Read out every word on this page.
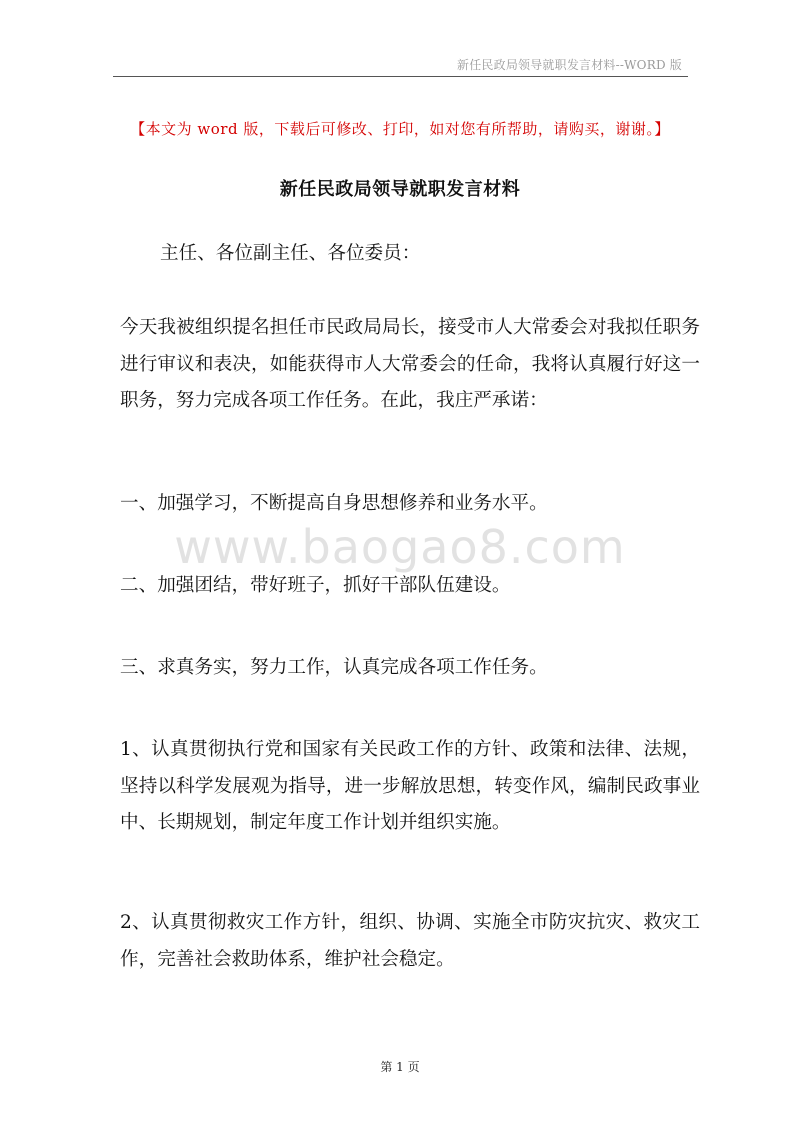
新任民政局领导就职发言材料--WORD 版
【本文为 word 版，下载后可修改、打印，如对您有所帮助，请购买，谢谢。】
新任民政局领导就职发言材料

主任、各位副主任、各位委员：

今天我被组织提名担任市民政局局长，接受市人大常委会对我拟任职务进行审议和表决，如能获得市人大常委会的任命，我将认真履行好这一职务，努力完成各项工作任务。在此，我庄严承诺：

一、加强学习，不断提高自身思想修养和业务水平。

二、加强团结，带好班子，抓好干部队伍建设。

三、求真务实，努力工作，认真完成各项工作任务。

1、认真贯彻执行党和国家有关民政工作的方针、政策和法律、法规，坚持以科学发展观为指导，进一步解放思想，转变作风，编制民政事业中、长期规划，制定年度工作计划并组织实施。

2、认真贯彻救灾工作方针，组织、协调、实施全市防灾抗灾、救灾工作，完善社会救助体系，维护社会稳定。

www.baogao8.com
第 1 页
